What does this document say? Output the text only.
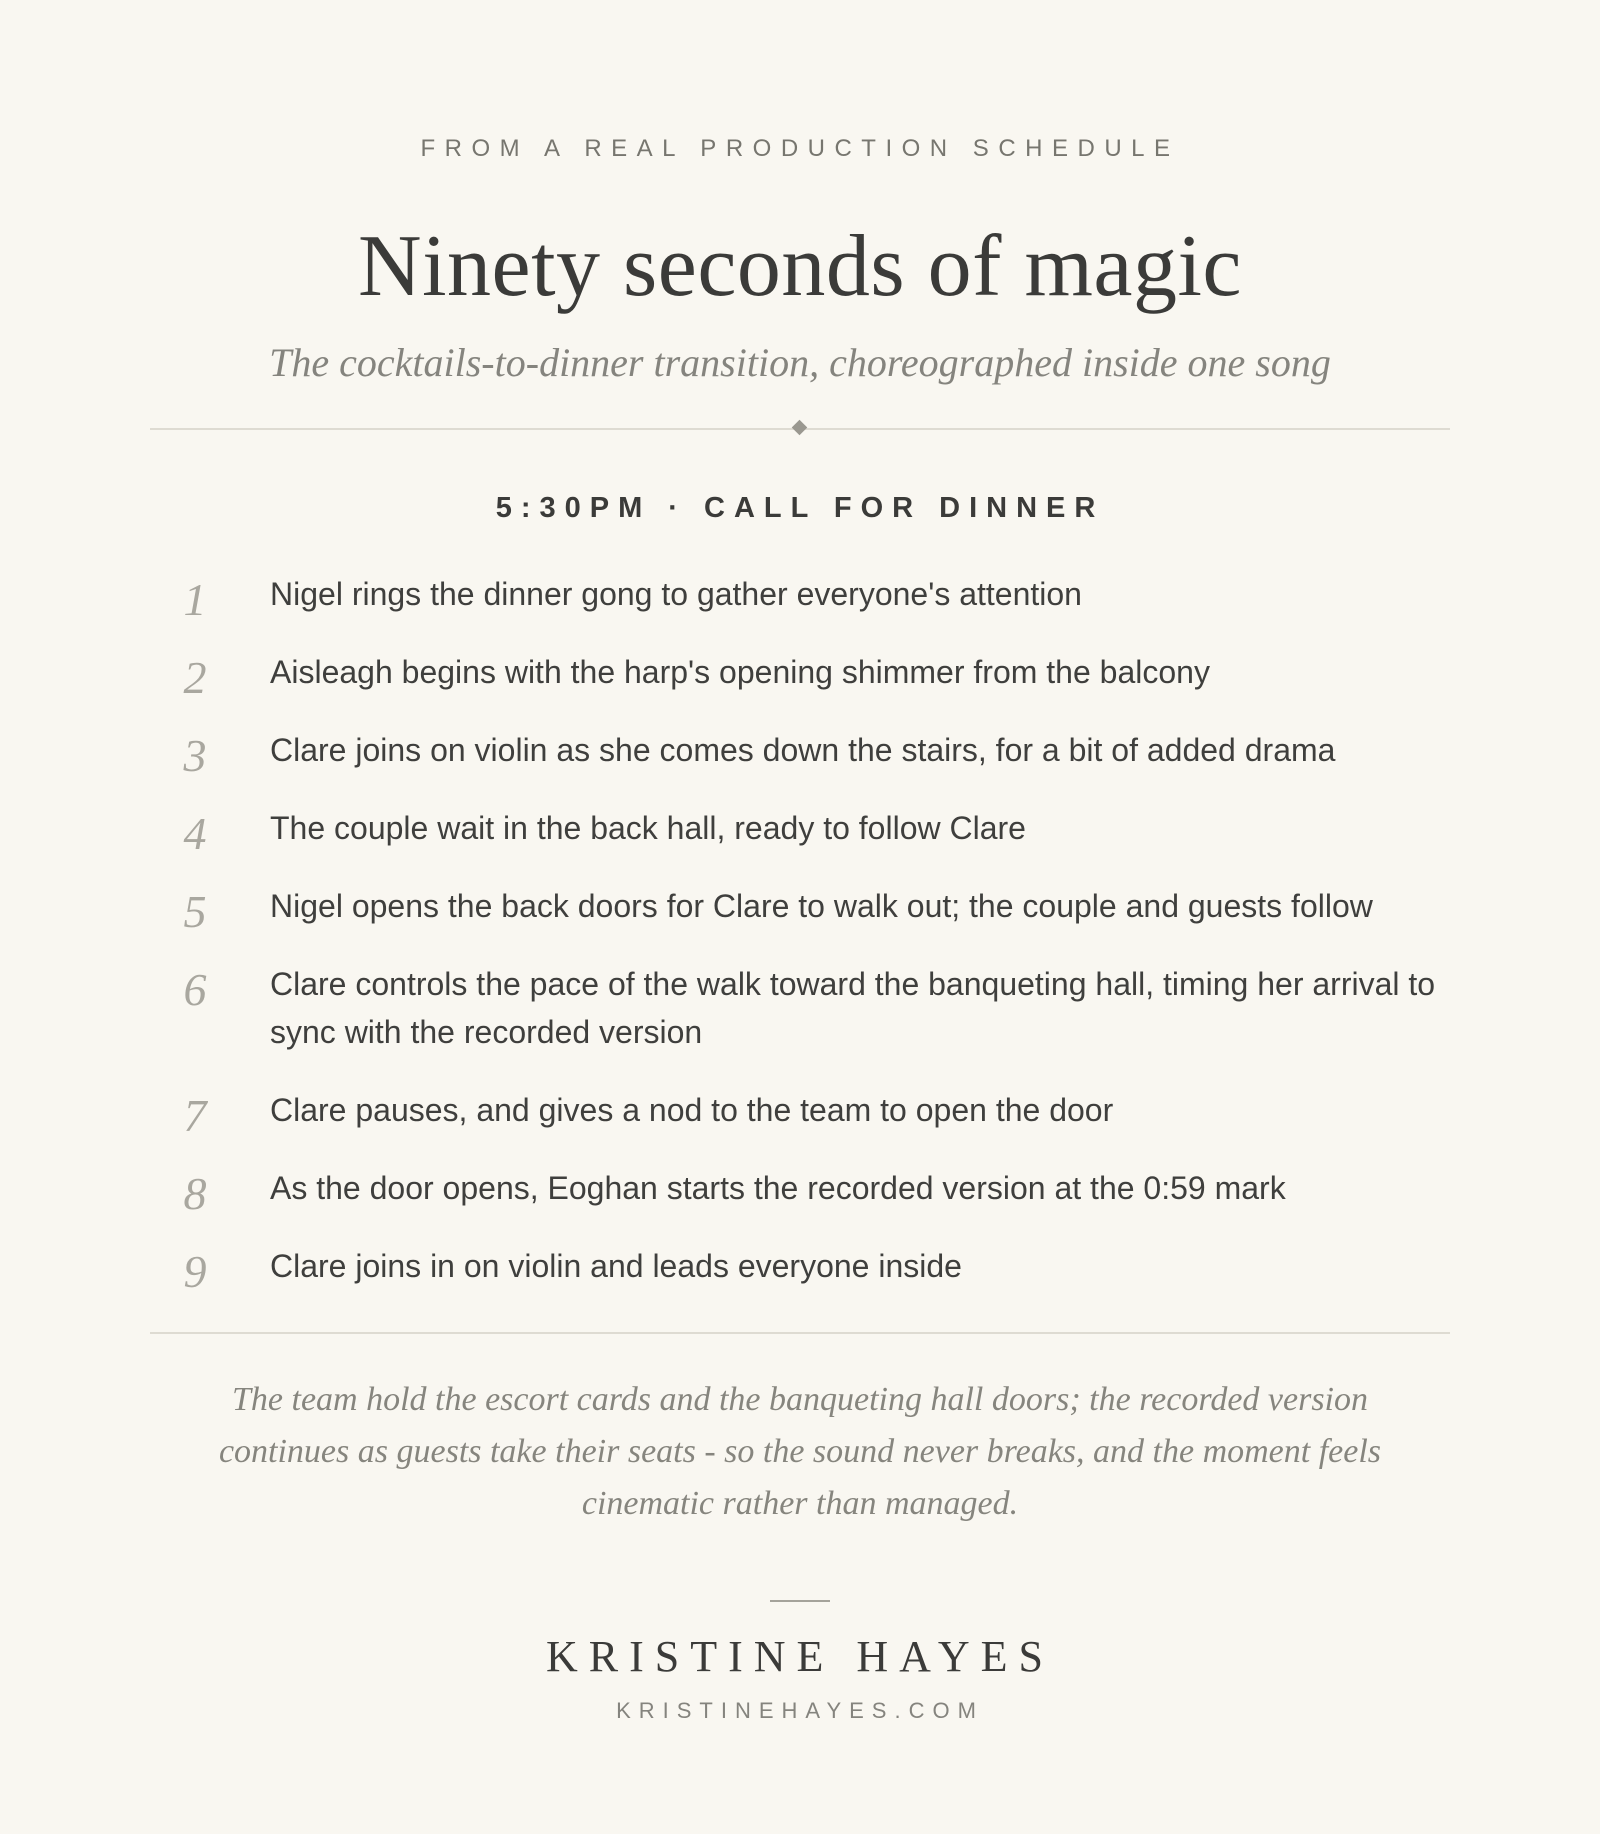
FROM A REAL PRODUCTION SCHEDULE
Ninety seconds of magic
The cocktails-to-dinner transition, choreographed inside one song
5:30PM · CALL FOR DINNER
1	Nigel rings the dinner gong to gather everyone's attention
2	Aisleagh begins with the harp's opening shimmer from the balcony
3	Clare joins on violin as she comes down the stairs, for a bit of added drama
4	The couple wait in the back hall, ready to follow Clare
5	Nigel opens the back doors for Clare to walk out; the couple and guests follow
6	Clare controls the pace of the walk toward the banqueting hall, timing her arrival to sync with the recorded version
7	Clare pauses, and gives a nod to the team to open the door
8	As the door opens, Eoghan starts the recorded version at the 0:59 mark
9	Clare joins in on violin and leads everyone inside
The team hold the escort cards and the banqueting hall doors; the recorded version continues as guests take their seats - so the sound never breaks, and the moment feels cinematic rather than managed.
KRISTINE HAYES
KRISTINEHAYES.COM
